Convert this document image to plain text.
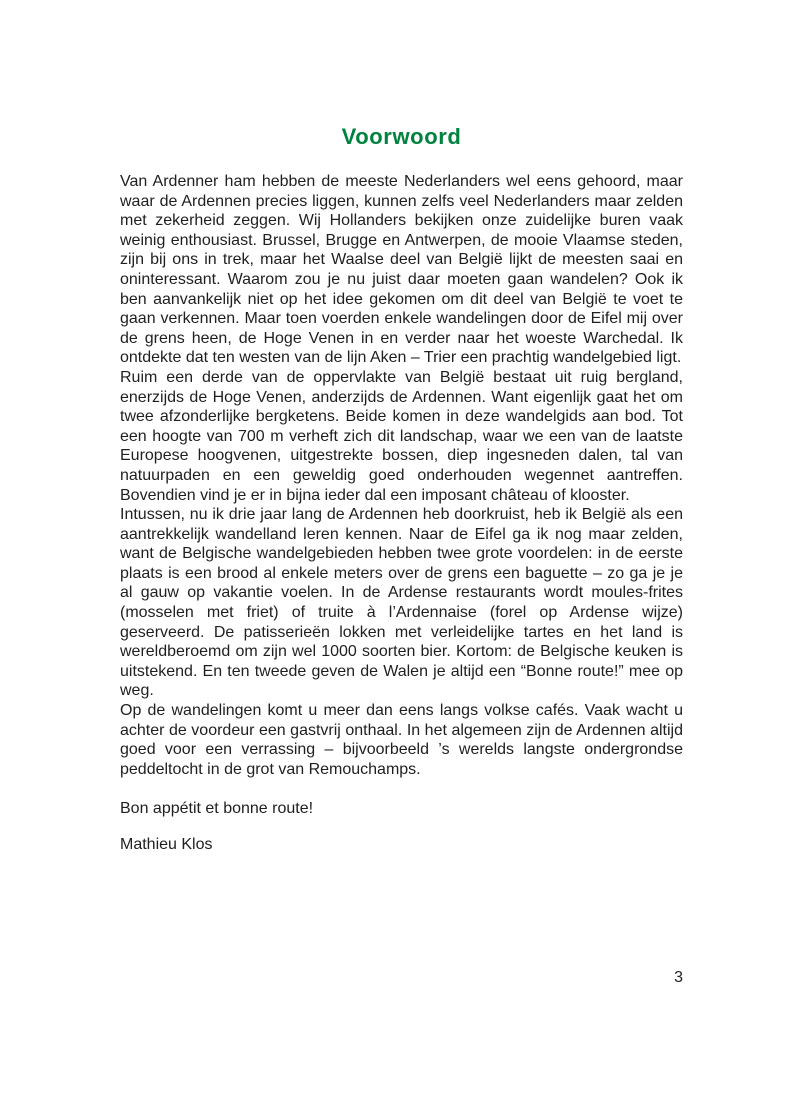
Voorwoord

Van Ardenner ham hebben de meeste Nederlanders wel eens gehoord, maar waar de Ardennen precies liggen, kunnen zelfs veel Nederlanders maar zelden met zekerheid zeggen. Wij Hollanders bekijken onze zuidelijke buren vaak weinig enthousiast. Brussel, Brugge en Antwerpen, de mooie Vlaamse steden, zijn bij ons in trek, maar het Waalse deel van België lijkt de meesten saai en oninteressant. Waarom zou je nu juist daar moeten gaan wandelen? Ook ik ben aanvankelijk niet op het idee gekomen om dit deel van België te voet te gaan verkennen. Maar toen voerden enkele wandelingen door de Eifel mij over de grens heen, de Hoge Venen in en verder naar het woeste Warchedal. Ik ontdekte dat ten westen van de lijn Aken – Trier een prachtig wandelgebied ligt.

Ruim een derde van de oppervlakte van België bestaat uit ruig bergland, enerzijds de Hoge Venen, anderzijds de Ardennen. Want eigenlijk gaat het om twee afzonderlijke bergketens. Beide komen in deze wandelgids aan bod. Tot een hoogte van 700 m verheft zich dit landschap, waar we een van de laatste Europese hoogvenen, uitgestrekte bossen, diep ingesneden dalen, tal van natuurpaden en een geweldig goed onderhouden wegennet aantreffen. Bovendien vind je er in bijna ieder dal een imposant château of klooster.

Intussen, nu ik drie jaar lang de Ardennen heb doorkruist, heb ik België als een aantrekkelijk wandelland leren kennen. Naar de Eifel ga ik nog maar zelden, want de Belgische wandelgebieden hebben twee grote voordelen: in de eerste plaats is een brood al enkele meters over de grens een baguette – zo ga je je al gauw op vakantie voelen. In de Ardense restaurants wordt moules-frites (mosselen met friet) of truite à l’Ardennaise (forel op Ardense wijze) geserveerd. De patisserieën lokken met verleidelijke tartes en het land is wereldberoemd om zijn wel 1000 soorten bier. Kortom: de Belgische keuken is uitstekend. En ten tweede geven de Walen je altijd een “Bonne route!” mee op weg.

Op de wandelingen komt u meer dan eens langs volkse cafés. Vaak wacht u achter de voordeur een gastvrij onthaal. In het algemeen zijn de Ardennen altijd goed voor een verrassing – bijvoorbeeld ’s werelds langste ondergrondse peddeltocht in de grot van Remouchamps.

Bon appétit et bonne route!

Mathieu Klos

3
